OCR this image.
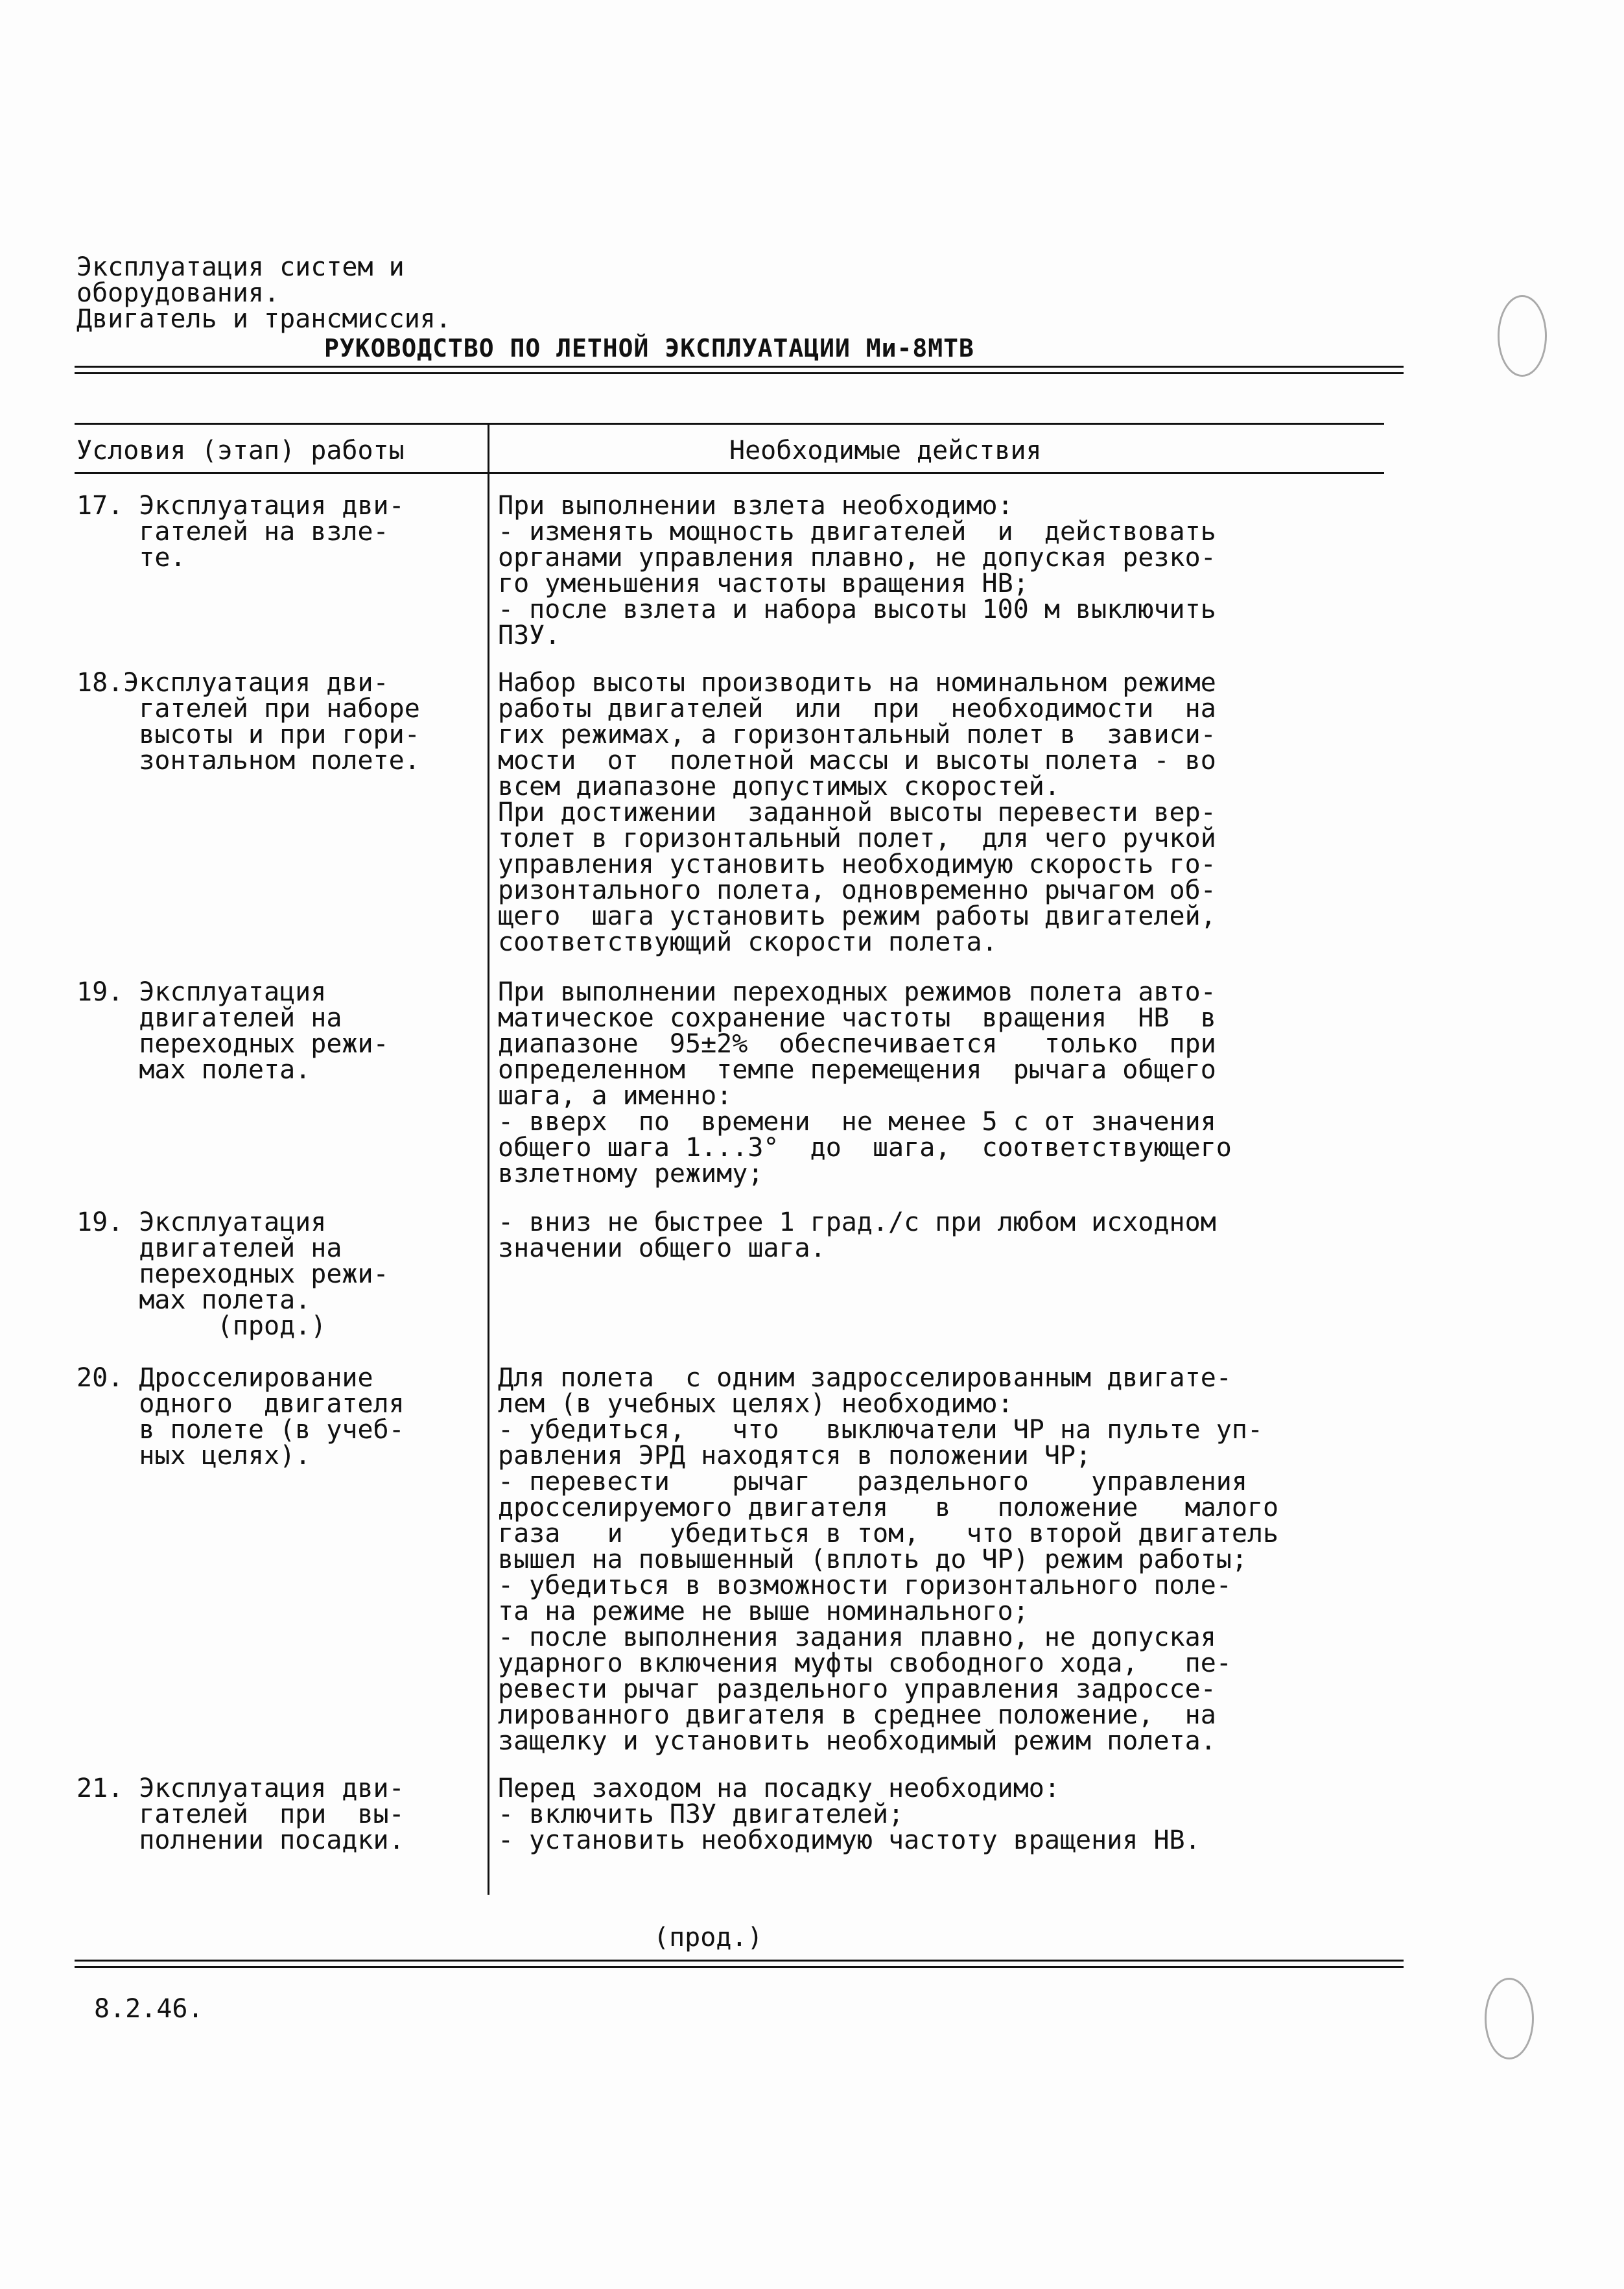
Эксплуатация систем и
оборудования.
Двигатель и трансмиссия.
РУКОВОДСТВО ПО ЛЕТНОЙ ЭКСПЛУАТАЦИИ Ми-8МТВ
Условия (этап) работы	Необходимые действия
17. Эксплуатация дви-
гателей на взле-
те.
При выполнении взлета необходимо:
- изменять мощность двигателей  и  действовать
органами управления плавно, не допуская резко-
го уменьшения частоты вращения НВ;
- после взлета и набора высоты 100 м выключить
ПЗУ.
18.Эксплуатация дви-
гателей при наборе
высоты и при гори-
зонтальном полете.
Набор высоты производить на номинальном режиме
работы двигателей  или  при  необходимости  на
гих режимах, а горизонтальный полет в  зависи-
мости  от  полетной массы и высоты полета - во
всем диапазоне допустимых скоростей.
При достижении  заданной высоты перевести вер-
толет в горизонтальный полет,  для чего ручкой
управления установить необходимую скорость го-
ризонтального полета, одновременно рычагом об-
щего  шага установить режим работы двигателей,
соответствующий скорости полета.
19. Эксплуатация
двигателей на
переходных режи-
мах полета.
При выполнении переходных режимов полета авто-
матическое сохранение частоты  вращения  НВ  в
диапазоне  95±2%  обеспечивается   только  при
определенном  темпе перемещения  рычага общего
шага, а именно:
- вверх  по  времени  не менее 5 с от значения
общего шага 1...3°  до  шага,  соответствующего
взлетному режиму;
19. Эксплуатация
двигателей на
переходных режи-
мах полета.
(прод.)
- вниз не быстрее 1 град./с при любом исходном
значении общего шага.
20. Дросселирование
одного  двигателя
в полете (в учеб-
ных целях).
Для полета  с одним задросселированным двигате-
лем (в учебных целях) необходимо:
- убедиться,   что   выключатели ЧР на пульте уп-
равления ЭРД находятся в положении ЧР;
- перевести    рычаг   раздельного    управления
дросселируемого двигателя   в   положение   малого
газа   и   убедиться в том,   что второй двигатель
вышел на повышенный (вплоть до ЧР) режим работы;
- убедиться в возможности горизонтального поле-
та на режиме не выше номинального;
- после выполнения задания плавно, не допуская
ударного включения муфты свободного хода,   пе-
ревести рычаг раздельного управления задроссе-
лированного двигателя в среднее положение,  на
защелку и установить необходимый режим полета.
21. Эксплуатация дви-
гателей  при  вы-
полнении посадки.
Перед заходом на посадку необходимо:
- включить ПЗУ двигателей;
- установить необходимую частоту вращения НВ.
(прод.)
8.2.46.
